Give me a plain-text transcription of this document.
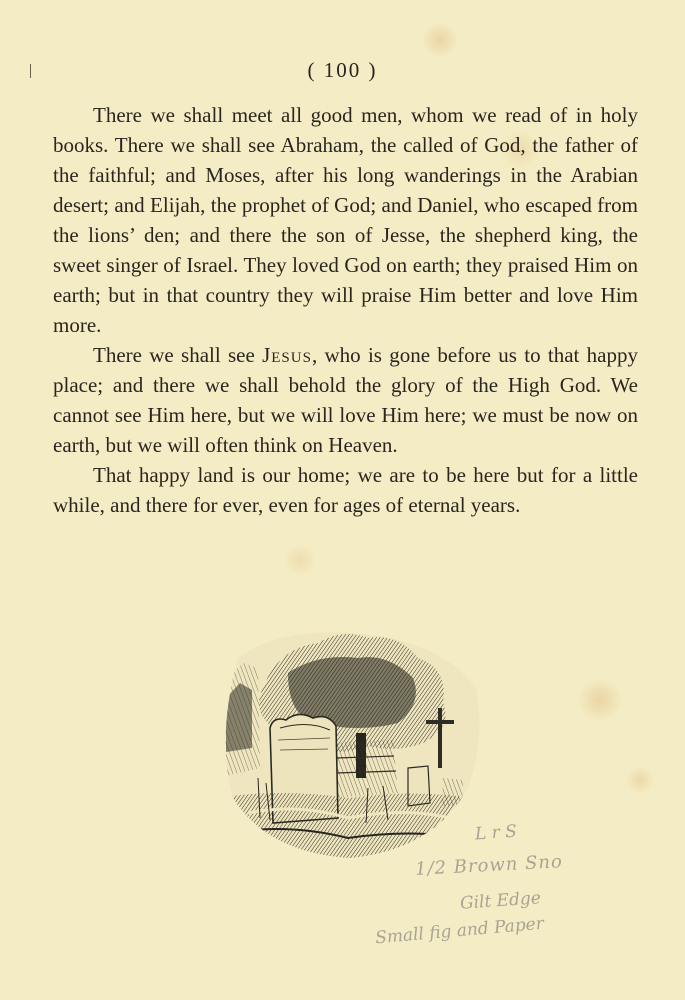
( 100 )

There we shall meet all good men, whom we read of in holy books. There we shall see Abraham, the called of God, the father of the faithful; and Moses, after his long wanderings in the Arabian desert; and Elijah, the prophet of God; and Daniel, who escaped from the lions’ den; and there the son of Jesse, the shepherd king, the sweet singer of Israel. They loved God on earth; they praised Him on earth; but in that country they will praise Him better and love Him more.

There we shall see Jesus, who is gone before us to that happy place; and there we shall behold the glory of the High God. We cannot see Him here, but we will love Him here; we must be now on earth, but we will often think on Heaven.

That happy land is our home; we are to be here but for a little while, and there for ever, even for ages of eternal years.

L r S
1/2 Brown Sno
Gilt Edge
Small fig and Paper
